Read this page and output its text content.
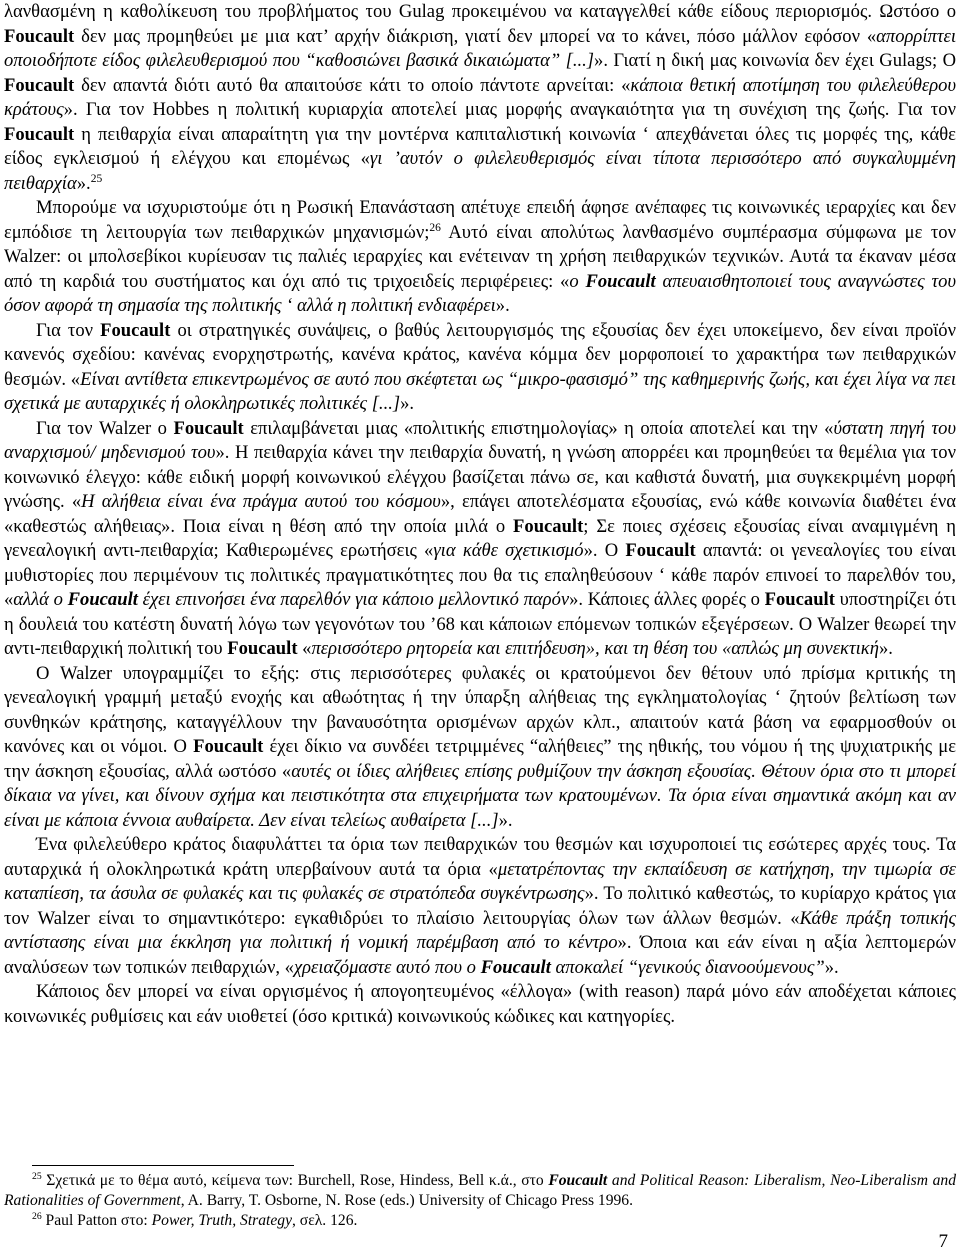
λανθασμένη η καθολίκευση του προβλήματος του Gulag προκειμένου να καταγγελθεί κάθε είδους περιορισμός. Ωστόσο ο Foucault δεν μας προμηθεύει με μια κατ’ αρχήν διάκριση, γιατί δεν μπορεί να το κάνει, πόσο μάλλον εφόσον «απορρίπτει οποιοδήποτε είδος φιλελευθερισμού που “καθοσιώνει βασικά δικαιώματα” [...]». Γιατί η δική μας κοινωνία δεν έχει Gulags; Ο Foucault δεν απαντά διότι αυτό θα απαιτούσε κάτι το οποίο πάντοτε αρνείται: «κάποια θετική αποτίμηση του φιλελεύθερου κράτους». Για τον Hobbes η πολιτική κυριαρχία αποτελεί μιας μορφής αναγκαιότητα για τη συνέχιση της ζωής. Για τον Foucault η πειθαρχία είναι απαραίτητη για την μοντέρνα καπιταλιστική κοινωνία ‘ απεχθάνεται όλες τις μορφές της, κάθε είδος εγκλεισμού ή ελέγχου και επομένως «γι ’αυτόν ο φιλελευθερισμός είναι τίποτα περισσότερο από συγκαλυμμένη πειθαρχία».$^{25}$

Μπορούμε να ισχυριστούμε ότι η Ρωσική Επανάσταση απέτυχε επειδή άφησε ανέπαφες τις κοινωνικές ιεραρχίες και δεν εμπόδισε τη λειτουργία των πειθαρχικών μηχανισμών;$^{26}$ Αυτό είναι απολύτως λανθασμένο συμπέρασμα σύμφωνα με τον Walzer: οι μπολσεβίκοι κυρίευσαν τις παλιές ιεραρχίες και ενέτειναν τη χρήση πειθαρχικών τεχνικών. Αυτά τα έκαναν μέσα από τη καρδιά του συστήματος και όχι από τις τριχοειδείς περιφέρειες: «ο Foucault απευαισθητοποιεί τους αναγνώστες του όσον αφορά τη σημασία της πολιτικής ‘ αλλά η πολιτική ενδιαφέρει».

Για τον Foucault οι στρατηγικές συνάψεις, ο βαθύς λειτουργισμός της εξουσίας δεν έχει υποκείμενο, δεν είναι προϊόν κανενός σχεδίου: κανένας ενορχηστρωτής, κανένα κράτος, κανένα κόμμα δεν μορφοποιεί το χαρακτήρα των πειθαρχικών θεσμών. «Είναι αντίθετα επικεντρωμένος σε αυτό που σκέφτεται ως “μικρο-φασισμό” της καθημερινής ζωής, και έχει λίγα να πει σχετικά με αυταρχικές ή ολοκληρωτικές πολιτικές [...]».

Για τον Walzer ο Foucault επιλαμβάνεται μιας «πολιτικής επιστημολογίας» η οποία αποτελεί και την «ύστατη πηγή του αναρχισμού/ μηδενισμού του». Η πειθαρχία κάνει την πειθαρχία δυνατή, η γνώση απορρέει και προμηθεύει τα θεμέλια για τον κοινωνικό έλεγχο: κάθε ειδική μορφή κοινωνικού ελέγχου βασίζεται πάνω σε, και καθιστά δυνατή, μια συγκεκριμένη μορφή γνώσης. «Η αλήθεια είναι ένα πράγμα αυτού του κόσμου», επάγει αποτελέσματα εξουσίας, ενώ κάθε κοινωνία διαθέτει ένα «καθεστώς αλήθειας». Ποια είναι η θέση από την οποία μιλά ο Foucault; Σε ποιες σχέσεις εξουσίας είναι αναμιγμένη η γενεαλογική αντι-πειθαρχία; Καθιερωμένες ερωτήσεις «για κάθε σχετικισμό». Ο Foucault απαντά: οι γενεαλογίες του είναι μυθιστορίες που περιμένουν τις πολιτικές πραγματικότητες που θα τις επαληθεύσουν ‘ κάθε παρόν επινοεί το παρελθόν του, «αλλά ο Foucault έχει επινοήσει ένα παρελθόν για κάποιο μελλοντικό παρόν». Κάποιες άλλες φορές ο Foucault υποστηρίζει ότι η δουλειά του κατέστη δυνατή λόγω των γεγονότων του ’68 και κάποιων επόμενων τοπικών εξεγέρσεων. Ο Walzer θεωρεί την αντι-πειθαρχική πολιτική του Foucault «περισσότερο ρητορεία και επιτήδευση», και τη θέση του «απλώς μη συνεκτική».

Ο Walzer υπογραμμίζει το εξής: στις περισσότερες φυλακές οι κρατούμενοι δεν θέτουν υπό πρίσμα κριτικής τη γενεαλογική γραμμή μεταξύ ενοχής και αθωότητας ή την ύπαρξη αλήθειας της εγκληματολογίας ‘ ζητούν βελτίωση των συνθηκών κράτησης, καταγγέλλουν την βαναυσότητα ορισμένων αρχών κλπ., απαιτούν κατά βάση να εφαρμοσθούν οι κανόνες και οι νόμοι. Ο Foucault έχει δίκιο να συνδέει τετριμμένες “αλήθειες” της ηθικής, του νόμου ή της ψυχιατρικής με την άσκηση εξουσίας, αλλά ωστόσο «αυτές οι ίδιες αλήθειες επίσης ρυθμίζουν την άσκηση εξουσίας. Θέτουν όρια στο τι μπορεί δίκαια να γίνει, και δίνουν σχήμα και πειστικότητα στα επιχειρήματα των κρατουμένων. Τα όρια είναι σημαντικά ακόμη και αν είναι με κάποια έννοια αυθαίρετα. Δεν είναι τελείως αυθαίρετα [...]».

Ένα φιλελεύθερο κράτος διαφυλάττει τα όρια των πειθαρχικών του θεσμών και ισχυροποιεί τις εσώτερες αρχές τους. Τα αυταρχικά ή ολοκληρωτικά κράτη υπερβαίνουν αυτά τα όρια «μετατρέποντας την εκπαίδευση σε κατήχηση, την τιμωρία σε καταπίεση, τα άσυλα σε φυλακές και τις φυλακές σε στρατόπεδα συγκέντρωσης». Το πολιτικό καθεστώς, το κυρίαρχο κράτος για τον Walzer είναι το σημαντικότερο: εγκαθιδρύει το πλαίσιο λειτουργίας όλων των άλλων θεσμών. «Κάθε πράξη τοπικής αντίστασης είναι μια έκκληση για πολιτική ή νομική παρέμβαση από το κέντρο». Όποια και εάν είναι η αξία λεπτομερών αναλύσεων των τοπικών πειθαρχιών, «χρειαζόμαστε αυτό που ο Foucault αποκαλεί “γενικούς διανοούμενους”».

Κάποιος δεν μπορεί να είναι οργισμένος ή απογοητευμένος «έλλογα» (with reason) παρά μόνο εάν αποδέχεται κάποιες κοινωνικές ρυθμίσεις και εάν υιοθετεί (όσο κριτικά) κοινωνικούς κώδικες και κατηγορίες.

$^{25}$ Σχετικά με το θέμα αυτό, κείμενα των: Burchell, Rose, Hindess, Bell κ.ά., στο Foucault and Political Reason: Liberalism, Neo-Liberalism and Rationalities of Government, A. Barry, T. Osborne, N. Rose (eds.) University of Chicago Press 1996.

$^{26}$ Paul Patton στο: Power, Truth, Strategy, σελ. 126.

7
